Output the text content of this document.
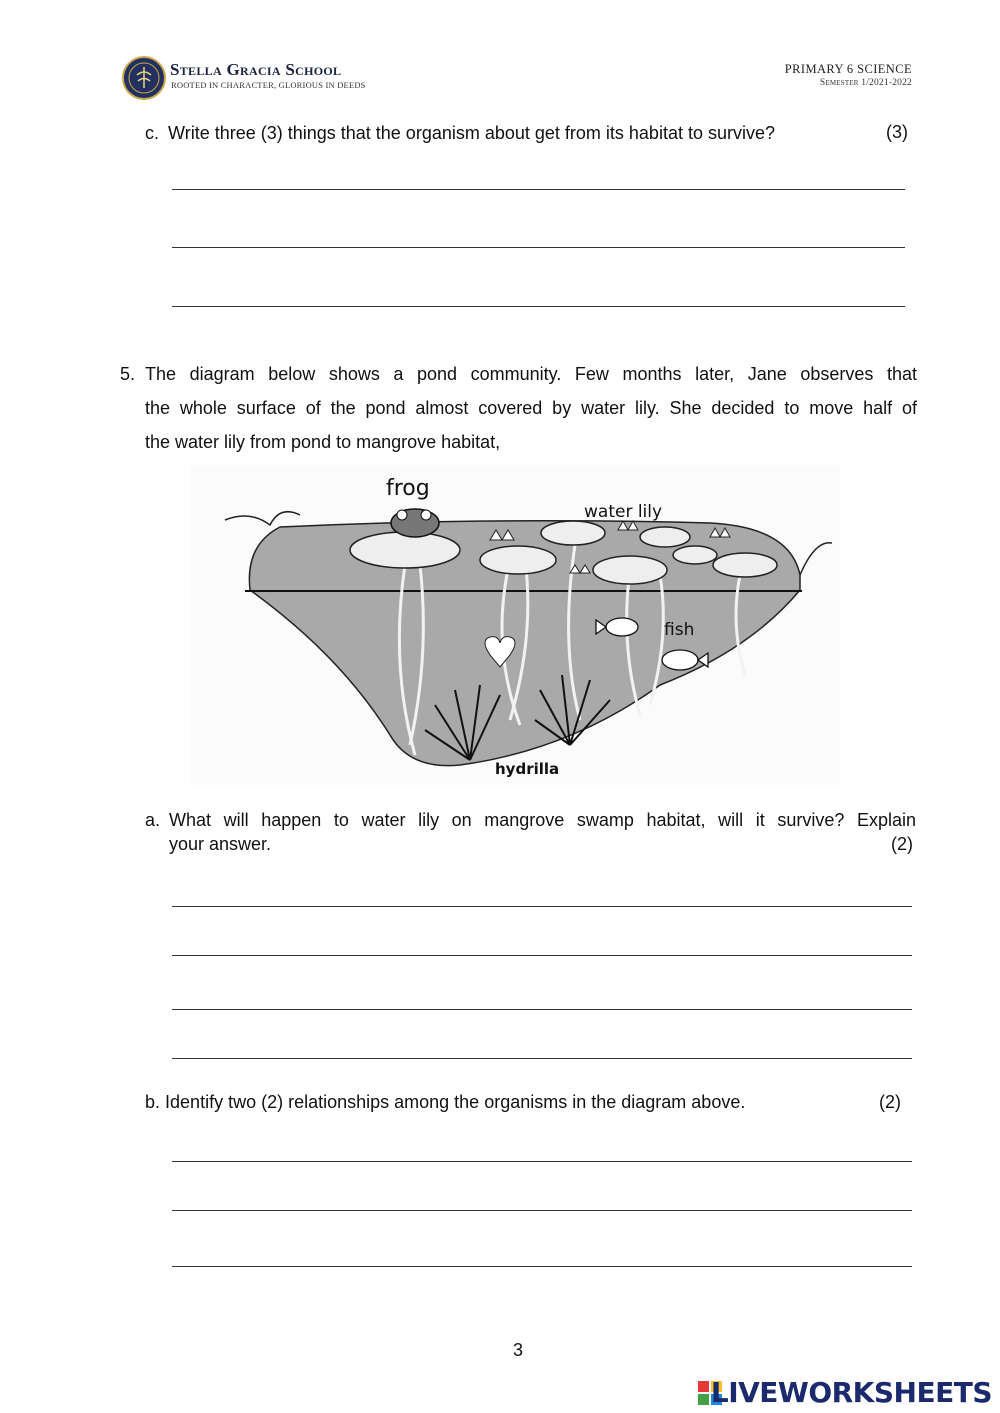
Stella Gracia School
ROOTED IN CHARACTER, GLORIOUS IN DEEDS
PRIMARY 6 SCIENCE
Semester 1/2021-2022
c. Write three (3) things that the organism about get from its habitat to survive?	(3)
5. The diagram below shows a pond community. Few months later, Jane observes that
the whole surface of the pond almost covered by water lily. She decided to move half of
the water lily from pond to mangrove habitat,
frog
water lily
fish
hydrilla
a. What will happen to water lily on mangrove swamp habitat, will it survive? Explain
your answer.	(2)
b. Identify two (2) relationships among the organisms in the diagram above.	(2)
3
LIVEWORKSHEETS
